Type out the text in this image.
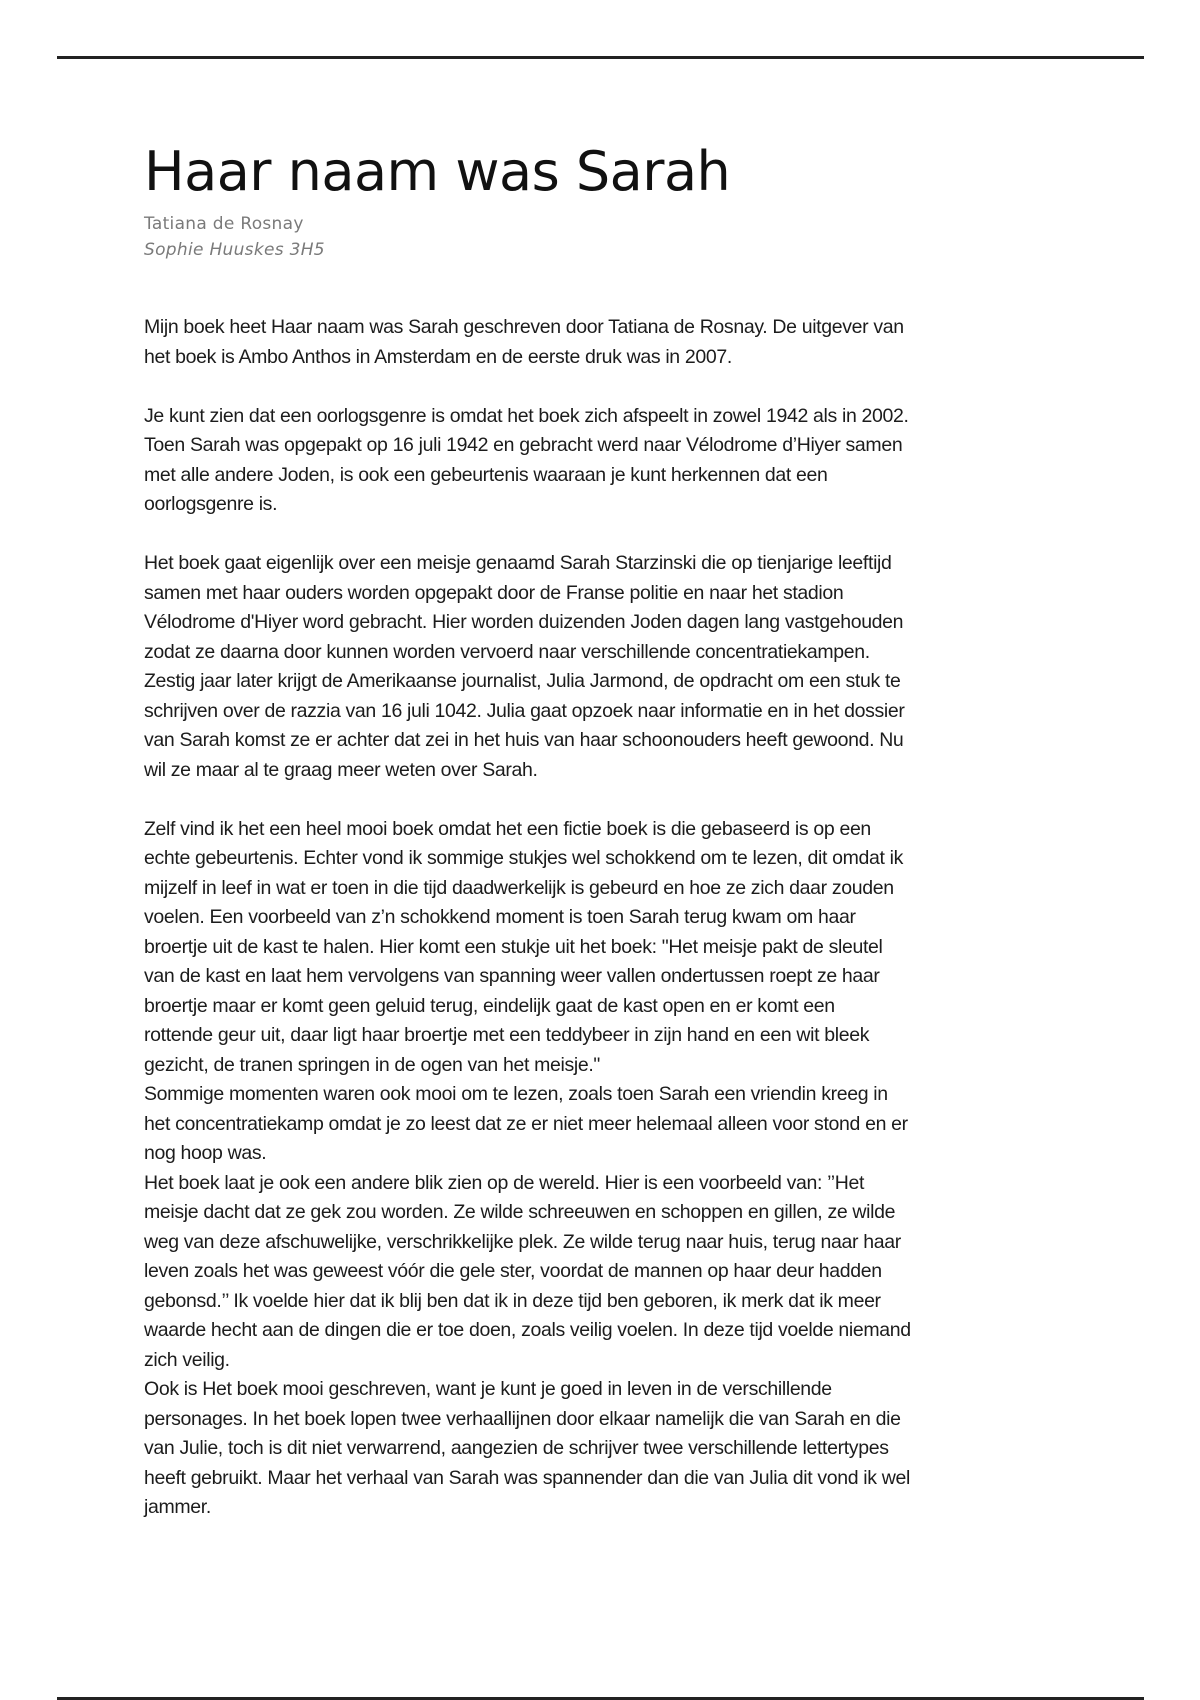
Haar naam was Sarah
Tatiana de Rosnay
Sophie Huuskes 3H5

Mijn boek heet Haar naam was Sarah geschreven door Tatiana de Rosnay. De uitgever van
het boek is Ambo Anthos in Amsterdam en de eerste druk was in 2007.

Je kunt zien dat een oorlogsgenre is omdat het boek zich afspeelt in zowel 1942 als in 2002.
Toen Sarah was opgepakt op 16 juli 1942 en gebracht werd naar Vélodrome d’Hiyer samen
met alle andere Joden, is ook een gebeurtenis waaraan je kunt herkennen dat een
oorlogsgenre is.

Het boek gaat eigenlijk over een meisje genaamd Sarah Starzinski die op tienjarige leeftijd
samen met haar ouders worden opgepakt door de Franse politie en naar het stadion
Vélodrome d'Hiyer word gebracht. Hier worden duizenden Joden dagen lang vastgehouden
zodat ze daarna door kunnen worden vervoerd naar verschillende concentratiekampen.
Zestig jaar later krijgt de Amerikaanse journalist, Julia Jarmond, de opdracht om een stuk te
schrijven over de razzia van 16 juli 1042. Julia gaat opzoek naar informatie en in het dossier
van Sarah komst ze er achter dat zei in het huis van haar schoonouders heeft gewoond. Nu
wil ze maar al te graag meer weten over Sarah.

Zelf vind ik het een heel mooi boek omdat het een fictie boek is die gebaseerd is op een
echte gebeurtenis. Echter vond ik sommige stukjes wel schokkend om te lezen, dit omdat ik
mijzelf in leef in wat er toen in die tijd daadwerkelijk is gebeurd en hoe ze zich daar zouden
voelen. Een voorbeeld van z’n schokkend moment is toen Sarah terug kwam om haar
broertje uit de kast te halen. Hier komt een stukje uit het boek: "Het meisje pakt de sleutel
van de kast en laat hem vervolgens van spanning weer vallen ondertussen roept ze haar
broertje maar er komt geen geluid terug, eindelijk gaat de kast open en er komt een
rottende geur uit, daar ligt haar broertje met een teddybeer in zijn hand en een wit bleek
gezicht, de tranen springen in de ogen van het meisje."

Sommige momenten waren ook mooi om te lezen, zoals toen Sarah een vriendin kreeg in
het concentratiekamp omdat je zo leest dat ze er niet meer helemaal alleen voor stond en er
nog hoop was.

Het boek laat je ook een andere blik zien op de wereld. Hier is een voorbeeld van: ’’Het
meisje dacht dat ze gek zou worden. Ze wilde schreeuwen en schoppen en gillen, ze wilde
weg van deze afschuwelijke, verschrikkelijke plek. Ze wilde terug naar huis, terug naar haar
leven zoals het was geweest vóór die gele ster, voordat de mannen op haar deur hadden
gebonsd.’’ Ik voelde hier dat ik blij ben dat ik in deze tijd ben geboren, ik merk dat ik meer
waarde hecht aan de dingen die er toe doen, zoals veilig voelen. In deze tijd voelde niemand
zich veilig.

Ook is Het boek mooi geschreven, want je kunt je goed in leven in de verschillende
personages. In het boek lopen twee verhaallijnen door elkaar namelijk die van Sarah en die
van Julie, toch is dit niet verwarrend, aangezien de schrijver twee verschillende lettertypes
heeft gebruikt. Maar het verhaal van Sarah was spannender dan die van Julia dit vond ik wel
jammer.
